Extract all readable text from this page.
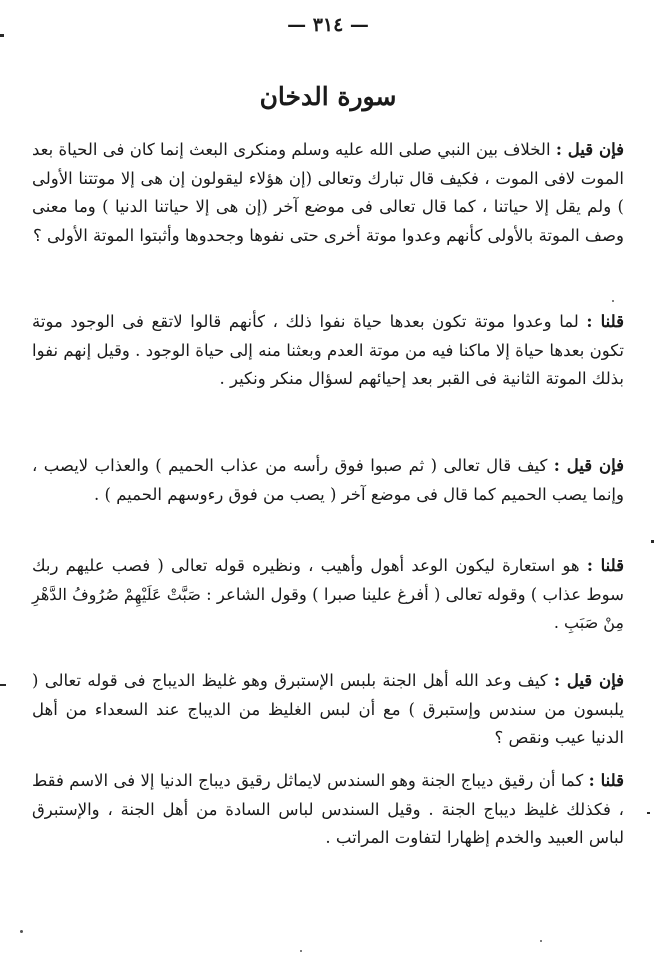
— ٣١٤ —
سورة الدخان
فإن قيل : الخلاف بين النبي صلى الله عليه وسلم ومنكرى البعث إنما كان فى الحياة بعد الموت لافى الموت ، فكيف قال تبارك وتعالى (إن هؤلاء ليقولون إن هى إلا موتتنا الأولى ) ولم يقل إلا حياتنا ، كما قال تعالى فى موضع آخر (إن هى إلا حياتنا الدنيا ) وما معنى وصف الموتة بالأولى كأنهم وعدوا موتة أخرى حتى نفوها وجحدوها وأثبتوا الموتة الأولى ؟
قلنا : لما وعدوا موتة تكون بعدها حياة نفوا ذلك ، كأنهم قالوا لاتقع فى الوجود موتة تكون بعدها حياة إلا ماكنا فيه من موتة العدم وبعثنا منه إلى حياة الوجود . وقيل إنهم نفوا بذلك الموتة الثانية فى القبر بعد إحيائهم لسؤال منكر ونكير .
فإن قيل : كيف قال تعالى ( ثم صبوا فوق رأسه من عذاب الحميم ) والعذاب لايصب ، وإنما يصب الحميم كما قال فى موضع آخر ( يصب من فوق رءوسهم الحميم ) .
قلنا : هو استعارة ليكون الوعد أهول وأهيب ، ونظيره قوله تعالى ( فصب عليهم ربك سوط عذاب ) وقوله تعالى ( أفرغ علينا صبرا ) وقول الشاعر : صَبَّتْ عَلَيْهِمْ صُرُوفُ الدَّهْرِ مِنْ صَبَبِ .
فإن قيل : كيف وعد الله أهل الجنة بلبس الإستبرق وهو غليظ الديباج فى قوله تعالى ( يلبسون من سندس وإستبرق ) مع أن لبس الغليظ من الديباج عند السعداء من أهل الدنيا عيب ونقص ؟
قلنا : كما أن رقيق ديباج الجنة وهو السندس لايماثل رقيق ديباج الدنيا إلا فى الاسم فقط ، فكذلك غليظ ديباج الجنة . وقيل السندس لباس السادة من أهل الجنة ، والإستبرق لباس العبيد والخدم إظهارا لتفاوت المراتب .
